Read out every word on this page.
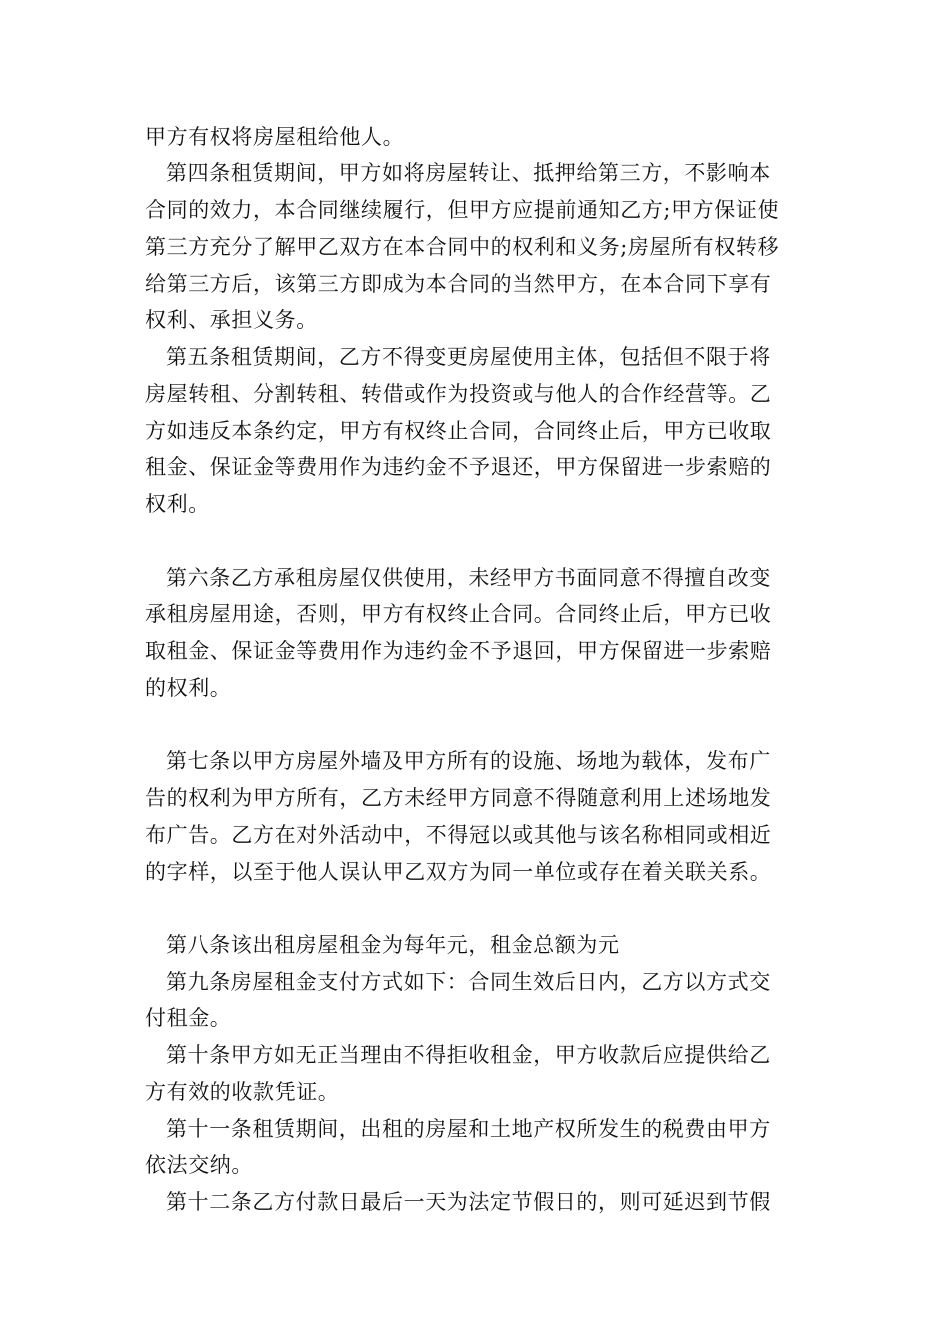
甲方有权将房屋租给他人。
第四条租赁期间，甲方如将房屋转让、抵押给第三方，不影响本
合同的效力，本合同继续履行，但甲方应提前通知乙方;甲方保证使
第三方充分了解甲乙双方在本合同中的权利和义务;房屋所有权转移
给第三方后，该第三方即成为本合同的当然甲方，在本合同下享有
权利、承担义务。
第五条租赁期间，乙方不得变更房屋使用主体，包括但不限于将
房屋转租、分割转租、转借或作为投资或与他人的合作经营等。乙
方如违反本条约定，甲方有权终止合同，合同终止后，甲方已收取
租金、保证金等费用作为违约金不予退还，甲方保留进一步索赔的
权利。
第六条乙方承租房屋仅供使用，未经甲方书面同意不得擅自改变
承租房屋用途，否则，甲方有权终止合同。合同终止后，甲方已收
取租金、保证金等费用作为违约金不予退回，甲方保留进一步索赔
的权利。
第七条以甲方房屋外墙及甲方所有的设施、场地为载体，发布广
告的权利为甲方所有，乙方未经甲方同意不得随意利用上述场地发
布广告。乙方在对外活动中，不得冠以或其他与该名称相同或相近
的字样，以至于他人误认甲乙双方为同一单位或存在着关联关系。
第八条该出租房屋租金为每年元，租金总额为元
第九条房屋租金支付方式如下：合同生效后日内，乙方以方式交
付租金。
第十条甲方如无正当理由不得拒收租金，甲方收款后应提供给乙
方有效的收款凭证。
第十一条租赁期间，出租的房屋和土地产权所发生的税费由甲方
依法交纳。
第十二条乙方付款日最后一天为法定节假日的，则可延迟到节假
